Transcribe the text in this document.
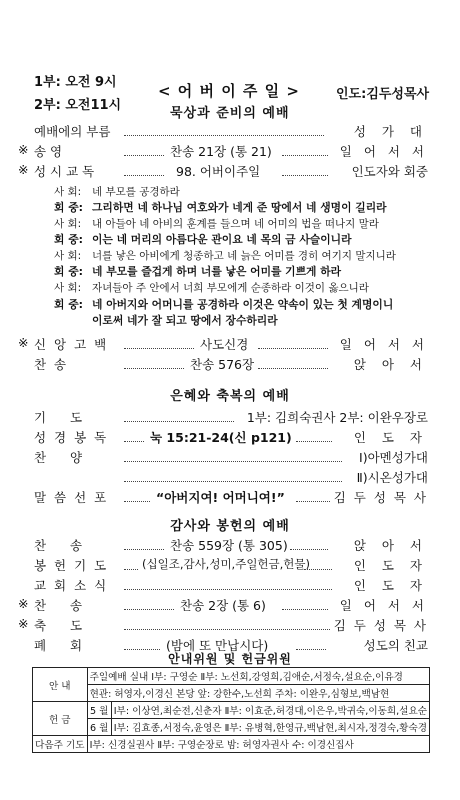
1부: 오전 9시
2부: 오전11시
< 어 버 이 주 일 >
묵상과 준비의 예배
인도:김두성목사
예배에의 부름	성 가 대
※ 송 영	찬송 21장 (통 21)	일 어 서 서
※ 성 시 교 독	98. 어버이주일	인도자와 회중
사 회: 네 부모를 공경하라
회 중: 그리하면 네 하나님 여호와가 네게 준 땅에서 네 생명이 길리라
사 회: 내 아들아 네 아비의 훈계를 들으며 네 어미의 법을 떠나지 말라
회 중: 이는 네 머리의 아름다운 관이요 네 목의 금 사슬이니라
사 회: 너를 낳은 아비에게 청종하고 네 늙은 어미를 경히 여기지 말지니라
회 중: 네 부모를 즐겁게 하며 너를 낳은 어미를 기쁘게 하라
사 회: 자녀들아 주 안에서 너희 부모에게 순종하라 이것이 옳으니라
회 중: 네 아버지와 어머니를 공경하라 이것은 약속이 있는 첫 계명이니
이로써 네가 잘 되고 땅에서 장수하리라
※ 신 앙 고 백	사도신경	일 어 서 서
찬 송	찬송 576장	앉 아 서
은혜와 축복의 예배
기 도	1부: 김희숙권사 2부: 이완우장로
성 경 봉 독	눅 15:21-24(신 p121)	인 도 자
찬 양	Ⅰ)아멘성가대
Ⅱ)시온성가대
말 씀 선 포	“아버지여! 어머니여!”	김 두 성 목 사
감사와 봉헌의 예배
찬 송	찬송 559장 (통 305)	앉 아 서
봉 헌 기 도	(십일조,감사,성미,주일헌금,헌물)	인 도 자
교 회 소 식	인 도 자
※ 찬 송	찬송 2장 (통 6)	일 어 서 서
※ 축 도	김 두 성 목 사
폐 회	(밤에 또 만납시다)	성도의 친교
안내위원 및 헌금위원
안 내	주일예배 실내 Ⅰ부: 구영순 Ⅱ부: 노선회,강영희,김애순,서정숙,설요순,이유경	
	현관: 허영자,이경신 본당 앞: 강한수,노선희 주차: 이완우,심형보,백남현	
헌 금	5 월	Ⅰ부: 이상연,최순전,신춘자 Ⅱ부: 이효준,허경대,이은우,박귀숙,이동희,설요순
	6 월	Ⅰ부: 김효종,서정숙,윤영은 Ⅱ부: 유병혁,한영규,백남현,최시자,정경숙,황숙경
다음주 기도	Ⅰ부: 신경실권사 Ⅱ부: 구영순장로 밤: 허영자권사 수: 이경신집사	
